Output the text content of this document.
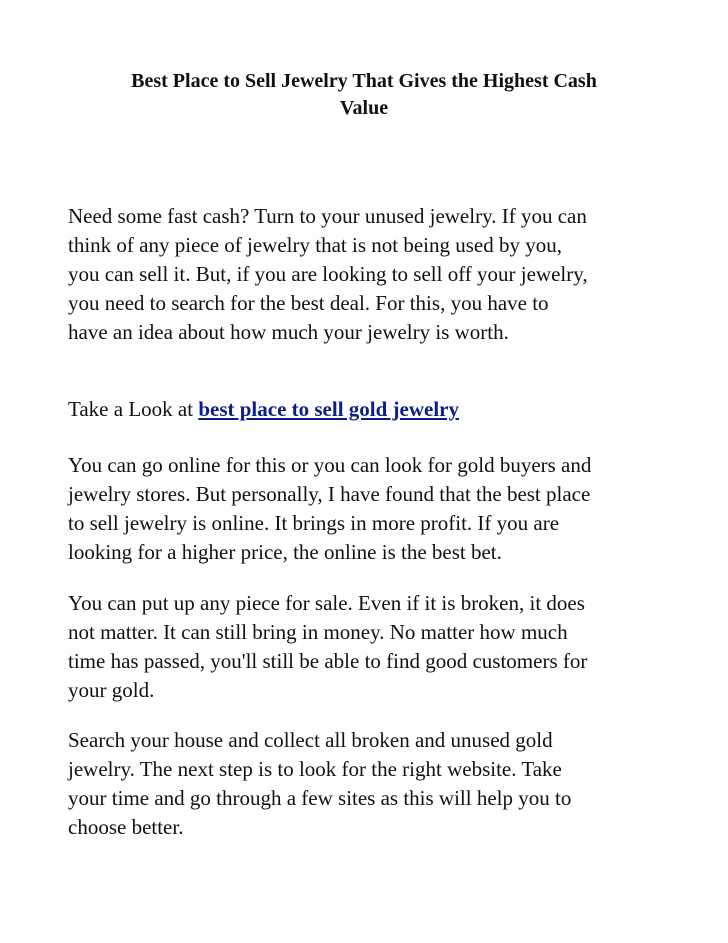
Best Place to Sell Jewelry That Gives the Highest Cash
Value

Need some fast cash? Turn to your unused jewelry. If you can
think of any piece of jewelry that is not being used by you,
you can sell it. But, if you are looking to sell off your jewelry,
you need to search for the best deal. For this, you have to
have an idea about how much your jewelry is worth.

Take a Look at best place to sell gold jewelry

You can go online for this or you can look for gold buyers and
jewelry stores. But personally, I have found that the best place
to sell jewelry is online. It brings in more profit. If you are
looking for a higher price, the online is the best bet.

You can put up any piece for sale. Even if it is broken, it does
not matter. It can still bring in money. No matter how much
time has passed, you'll still be able to find good customers for
your gold.

Search your house and collect all broken and unused gold
jewelry. The next step is to look for the right website. Take
your time and go through a few sites as this will help you to
choose better.
